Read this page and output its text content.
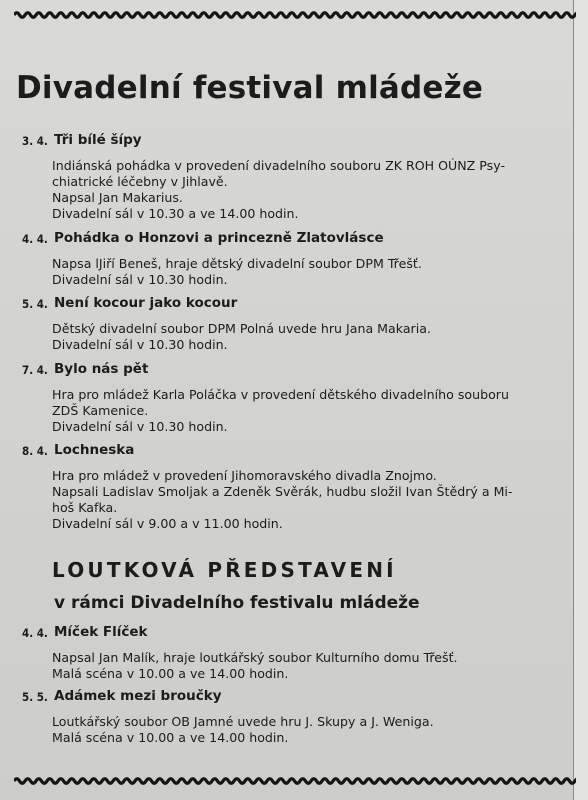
Divadelní festival mládeže
3. 4. Tři bílé šípy

Indiánská pohádka v provedení divadelního souboru ZK ROH OÚNZ Psy-

chiatrické léčebny v Jihlavě.

Napsal Jan Makarius.

Divadelní sál v 10.30 a ve 14.00 hodin.

4. 4. Pohádka o Honzovi a princezně Zlatovlásce

Napsa lJiří Beneš, hraje dětský divadelní soubor DPM Třešť.

Divadelní sál v 10.30 hodin.

5. 4. Není kocour jako kocour

Dětský divadelní soubor DPM Polná uvede hru Jana Makaria.

Divadelní sál v 10.30 hodin.

7. 4. Bylo nás pět

Hra pro mládež Karla Poláčka v provedení dětského divadelního souboru

ZDŠ Kamenice.

Divadelní sál v 10.30 hodin.

8. 4. Lochneska

Hra pro mládež v provedení Jihomoravského divadla Znojmo.

Napsali Ladislav Smoljak a Zdeněk Svěrák, hudbu složil Ivan Štědrý a Mi-

hoš Kafka.

Divadelní sál v 9.00 a v 11.00 hodin.

LOUTKOVÁ PŘEDSTAVENÍ
v rámci Divadelního festivalu mládeže
4. 4. Míček Flíček

Napsal Jan Malík, hraje loutkářský soubor Kulturního domu Třešť.

Malá scéna v 10.00 a ve 14.00 hodin.

5. 5. Adámek mezi broučky

Loutkářský soubor OB Jamné uvede hru J. Skupy a J. Weniga.

Malá scéna v 10.00 a ve 14.00 hodin.
